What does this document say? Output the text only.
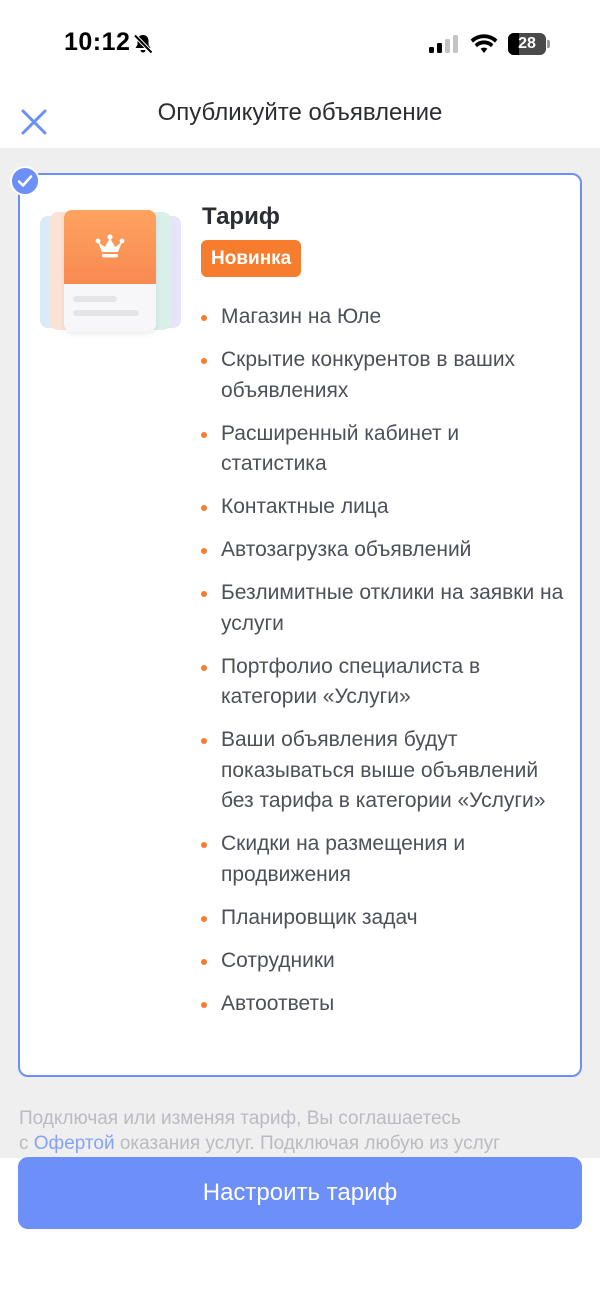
10:12	28
Опубликуйте объявление
Тариф
Новинка
Магазин на Юле
Скрытие конкурентов в ваших объявлениях
Расширенный кабинет и статистика
Контактные лица
Автозагрузка объявлений
Безлимитные отклики на заявки на услуги
Портфолио специалиста в категории «Услуги»
Ваши объявления будут показываться выше объявлений без тарифа в категории «Услуги»
Скидки на размещения и продвижения
Планировщик задач
Сотрудники
Автоответы
Подключая или изменяя тариф, Вы соглашаетесь
с Офертой оказания услуг. Подключая любую из услуг
Настроить тариф
